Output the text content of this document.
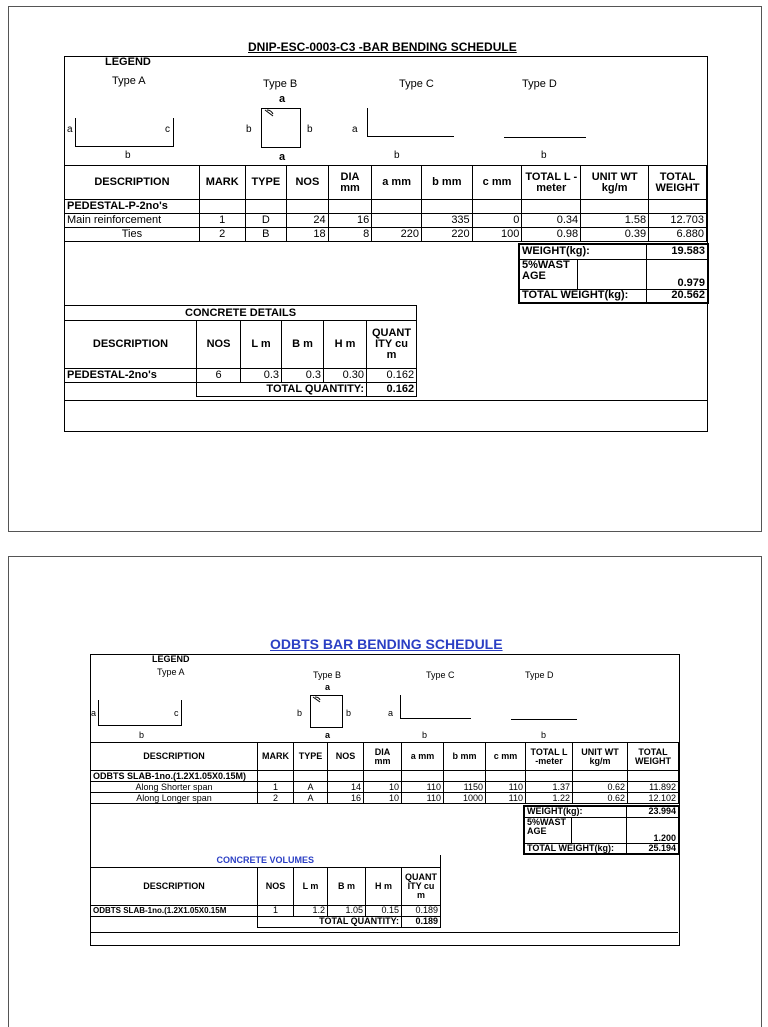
DNIP-ESC-0003-C3 -BAR BENDING SCHEDULE
LEGEND
Type A	Type B	Type C	Type D
a	c
b
a
b	b
a
a
b	b
DESCRIPTION	MARK	TYPE	NOS	DIA mm	a mm	b mm	c mm	TOTAL L -meter	UNIT WT kg/m	TOTAL WEIGHT
PEDESTAL-P-2no's										
Main reinforcement	1	D	24	16		335	0	0.34	1.58	12.703
Ties	2	B	18	8	220	220	100	0.98	0.39	6.880
WEIGHT(kg):		19.583
5%WAST AGE		0.979
TOTAL WEIGHT(kg):		20.562
CONCRETE DETAILS					
DESCRIPTION	NOS	L m	B m	H m	QUANT ITY cu m
PEDESTAL-2no's	6	0.3	0.3	0.30	0.162
	TOTAL QUANTITY:				0.162
ODBTS BAR BENDING SCHEDULE
LEGEND
Type A	Type B	Type C	Type D
a	c
b
a
b	b
a
a
b	b
DESCRIPTION	MARK	TYPE	NOS	DIA mm	a mm	b mm	c mm	TOTAL L -meter	UNIT WT kg/m	TOTAL WEIGHT
ODBTS SLAB-1no.(1.2X1.05X0.15M)										
Along Shorter span	1	A	14	10	110	1150	110	1.37	0.62	11.892
Along Longer span	2	A	16	10	110	1000	110	1.22	0.62	12.102
WEIGHT(kg):		23.994
5%WAST AGE		1.200
TOTAL WEIGHT(kg):		25.194
CONCRETE VOLUMES					
DESCRIPTION	NOS	L m	B m	H m	QUANT ITY cu m
ODBTS SLAB-1no.(1.2X1.05X0.15M	1	1.2	1.05	0.15	0.189
	TOTAL QUANTITY:				0.189
